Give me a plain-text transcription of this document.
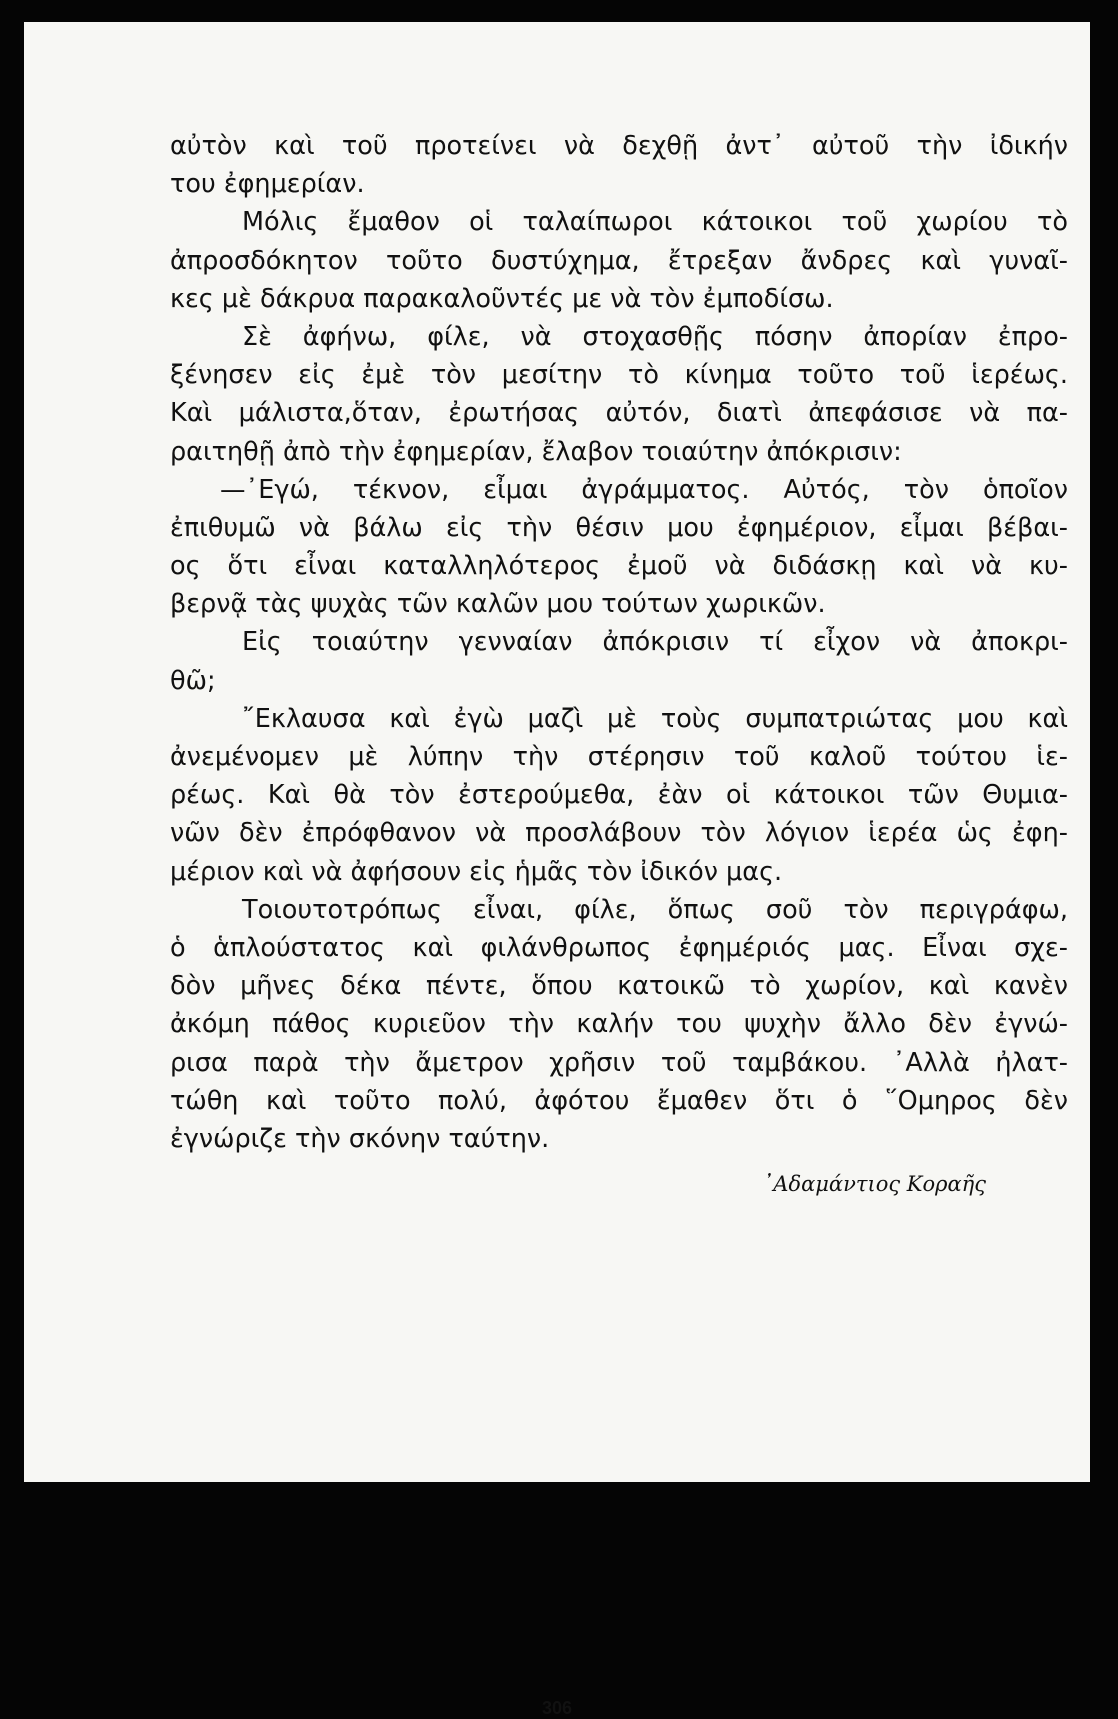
αὐτὸν καὶ τοῦ προτείνει νὰ δεχθῇ ἀντ᾽ αὐτοῦ τὴν ἰδικήν
του ἐφημερίαν.
Μόλις ἔμαθον οἱ ταλαίπωροι κάτοικοι τοῦ χωρίου τὸ
ἀπροσδόκητον τοῦτο δυστύχημα, ἔτρεξαν ἄνδρες καὶ γυναῖ-
κες μὲ δάκρυα παρακαλοῦντές με νὰ τὸν ἐμποδίσω.
Σὲ ἀφήνω, φίλε, νὰ στοχασθῇς πόσην ἀπορίαν ἐπρο-
ξένησεν εἰς ἐμὲ τὸν μεσίτην τὸ κίνημα τοῦτο τοῦ ἱερέως.
Καὶ μάλιστα,ὅταν, ἐρωτήσας αὐτόν, διατὶ ἀπεφάσισε νὰ πα-
ραιτηθῇ ἀπὸ τὴν ἐφημερίαν, ἔλαβον τοιαύτην ἀπόκρισιν:
—᾽Εγώ, τέκνον, εἶμαι ἀγράμματος. Αὐτός, τὸν ὁποῖον
ἐπιθυμῶ νὰ βάλω εἰς τὴν θέσιν μου ἐφημέριον, εἶμαι βέβαι-
ος ὅτι εἶναι καταλληλότερος ἐμοῦ νὰ διδάσκῃ καὶ νὰ κυ-
βερνᾷ τὰς ψυχὰς τῶν καλῶν μου τούτων χωρικῶν.
Εἰς τοιαύτην γενναίαν ἀπόκρισιν τί εἶχον νὰ ἀποκρι-
θῶ;
῎Εκλαυσα καὶ ἐγὼ μαζὶ μὲ τοὺς συμπατριώτας μου καὶ
ἀνεμένομεν μὲ λύπην τὴν στέρησιν τοῦ καλοῦ τούτου ἱε-
ρέως. Καὶ θὰ τὸν ἐστερούμεθα, ἐὰν οἱ κάτοικοι τῶν Θυμια-
νῶν δὲν ἐπρόφθανον νὰ προσλάβουν τὸν λόγιον ἱερέα ὡς ἐφη-
μέριον καὶ νὰ ἀφήσουν εἰς ἡμᾶς τὸν ἰδικόν μας.
Τοιουτοτρόπως εἶναι, φίλε, ὅπως σοῦ τὸν περιγράφω,
ὁ ἁπλούστατος καὶ φιλάνθρωπος ἐφημέριός μας. Εἶναι σχε-
δὸν μῆνες δέκα πέντε, ὅπου κατοικῶ τὸ χωρίον, καὶ κανὲν
ἀκόμη πάθος κυριεῦον τὴν καλήν του ψυχὴν ἄλλο δὲν ἐγνώ-
ρισα παρὰ τὴν ἄμετρον χρῆσιν τοῦ ταμβάκου. ᾽Αλλὰ ἠλατ-
τώθη καὶ τοῦτο πολύ, ἀφότου ἔμαθεν ὅτι ὁ ῞Ομηρος δὲν
ἐγνώριζε τὴν σκόνην ταύτην.
᾽Αδαμάντιος Κοραῆς
306
